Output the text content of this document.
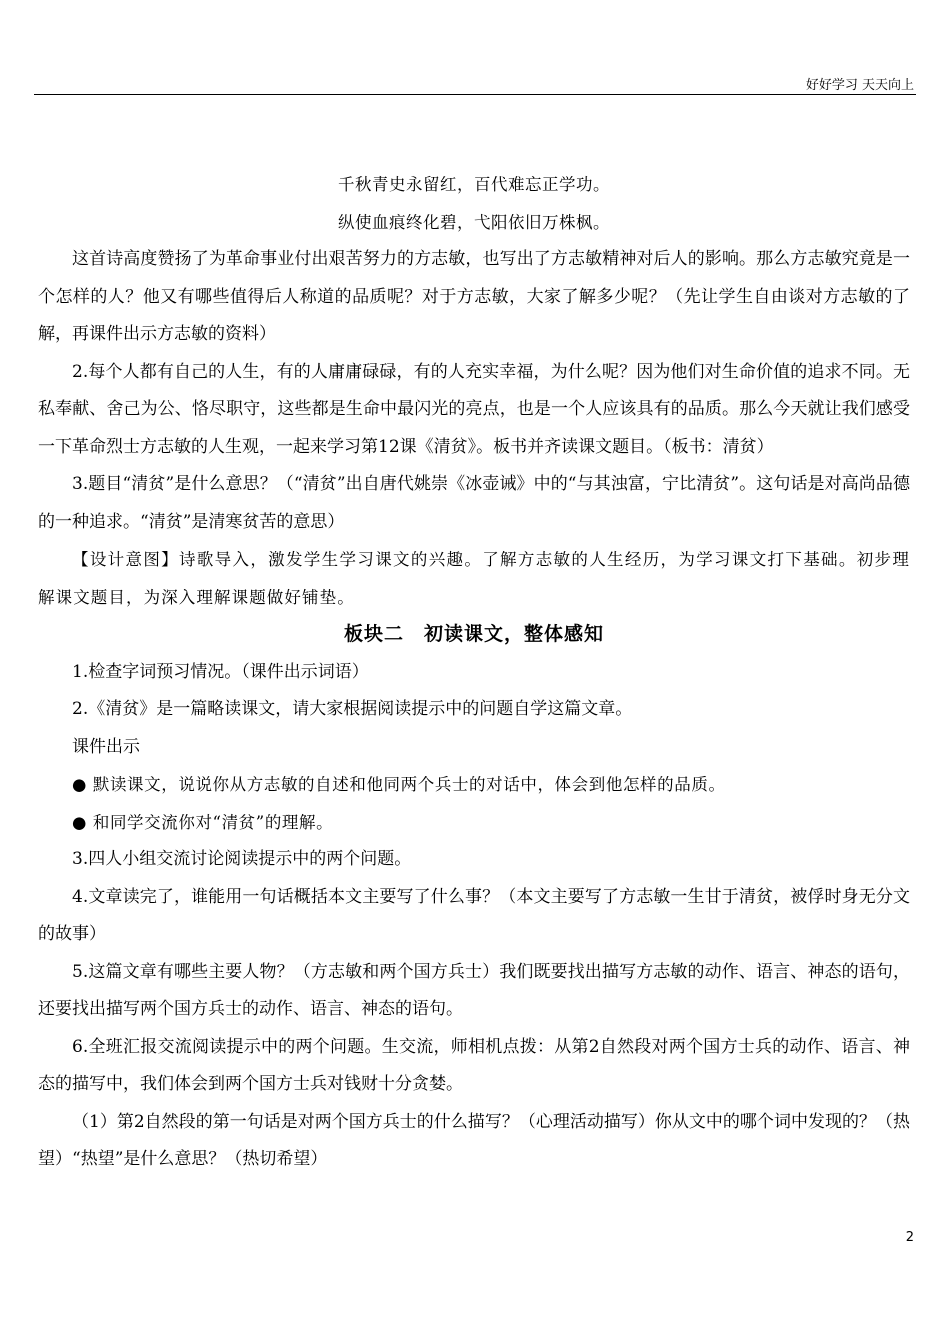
好好学习 天天向上

千秋青史永留红，百代难忘正学功。

纵使血痕终化碧，弋阳依旧万株枫。

这首诗高度赞扬了为革命事业付出艰苦努力的方志敏，也写出了方志敏精神对后人的影响。那么方志敏究竟是一个怎样的人？他又有哪些值得后人称道的品质呢？对于方志敏，大家了解多少呢？（先让学生自由谈对方志敏的了解，再课件出示方志敏的资料）

2.每个人都有自己的人生，有的人庸庸碌碌，有的人充实幸福，为什么呢？因为他们对生命价值的追求不同。无私奉献、舍己为公、恪尽职守，这些都是生命中最闪光的亮点，也是一个人应该具有的品质。那么今天就让我们感受一下革命烈士方志敏的人生观，一起来学习第12课《清贫》。板书并齐读课文题目。（板书：清贫）

3.题目“清贫”是什么意思？（“清贫”出自唐代姚崇《冰壶诫》中的“与其浊富，宁比清贫”。这句话是对高尚品德的一种追求。“清贫”是清寒贫苦的意思）

【设计意图】诗歌导入，激发学生学习课文的兴趣。了解方志敏的人生经历，为学习课文打下基础。初步理解课文题目，为深入理解课题做好铺垫。

板块二　初读课文，整体感知

1.检查字词预习情况。（课件出示词语）

2.《清贫》是一篇略读课文，请大家根据阅读提示中的问题自学这篇文章。

课件出示

● 默读课文，说说你从方志敏的自述和他同两个兵士的对话中，体会到他怎样的品质。

● 和同学交流你对“清贫”的理解。

3.四人小组交流讨论阅读提示中的两个问题。

4.文章读完了，谁能用一句话概括本文主要写了什么事？（本文主要写了方志敏一生甘于清贫，被俘时身无分文的故事）

5.这篇文章有哪些主要人物？（方志敏和两个国方兵士）我们既要找出描写方志敏的动作、语言、神态的语句，还要找出描写两个国方兵士的动作、语言、神态的语句。

6.全班汇报交流阅读提示中的两个问题。生交流，师相机点拨：从第2自然段对两个国方士兵的动作、语言、神态的描写中，我们体会到两个国方士兵对钱财十分贪婪。

（1）第2自然段的第一句话是对两个国方兵士的什么描写？（心理活动描写）你从文中的哪个词中发现的？（热望）“热望”是什么意思？（热切希望）

2
